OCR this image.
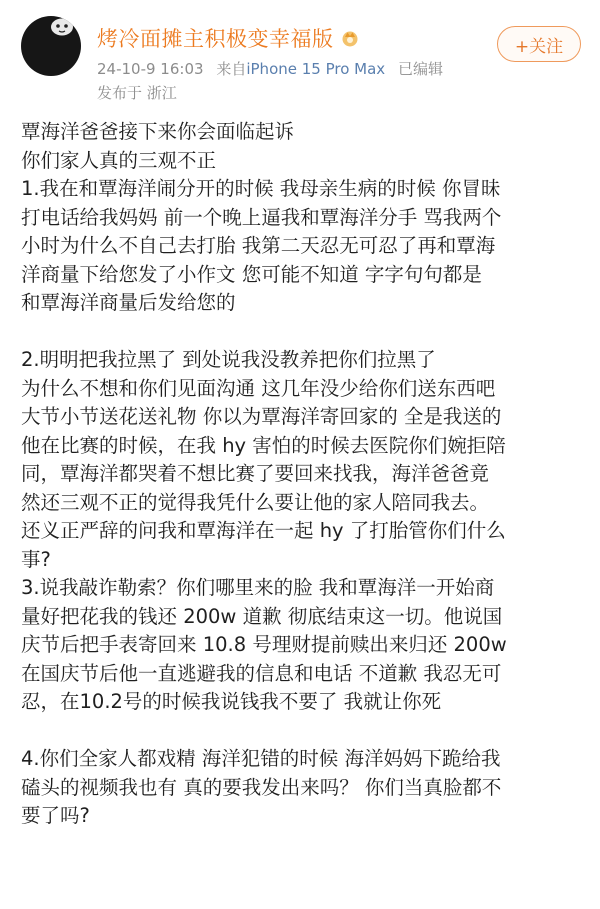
烤冷面摊主积极变幸福版
24-10-9 16:03 来自iPhone 15 Pro Max 已编辑
发布于 浙江
+关注

覃海洋爸爸接下来你会面临起诉
你们家人真的三观不正
1.我在和覃海洋闹分开的时候 我母亲生病的时候 你冒昧
打电话给我妈妈 前一个晚上逼我和覃海洋分手 骂我两个
小时为什么不自己去打胎 我第二天忍无可忍了再和覃海
洋商量下给您发了小作文 您可能不知道 字字句句都是
和覃海洋商量后发给您的

2.明明把我拉黑了 到处说我没教养把你们拉黑了
为什么不想和你们见面沟通 这几年没少给你们送东西吧
大节小节送花送礼物 你以为覃海洋寄回家的 全是我送的
他在比赛的时候，在我 hy 害怕的时候去医院你们婉拒陪
同，覃海洋都哭着不想比赛了要回来找我，海洋爸爸竟
然还三观不正的觉得我凭什么要让他的家人陪同我去。
还义正严辞的问我和覃海洋在一起 hy 了打胎管你们什么
事?
3.说我敲诈勒索？你们哪里来的脸 我和覃海洋一开始商
量好把花我的钱还 200w 道歉 彻底结束这一切。他说国
庆节后把手表寄回来 10.8 号理财提前赎出来归还 200w
在国庆节后他一直逃避我的信息和电话 不道歉 我忍无可
忍，在10.2号的时候我说钱我不要了 我就让你死

4.你们全家人都戏精 海洋犯错的时候 海洋妈妈下跪给我
磕头的视频我也有 真的要我发出来吗？ 你们当真脸都不
要了吗?
